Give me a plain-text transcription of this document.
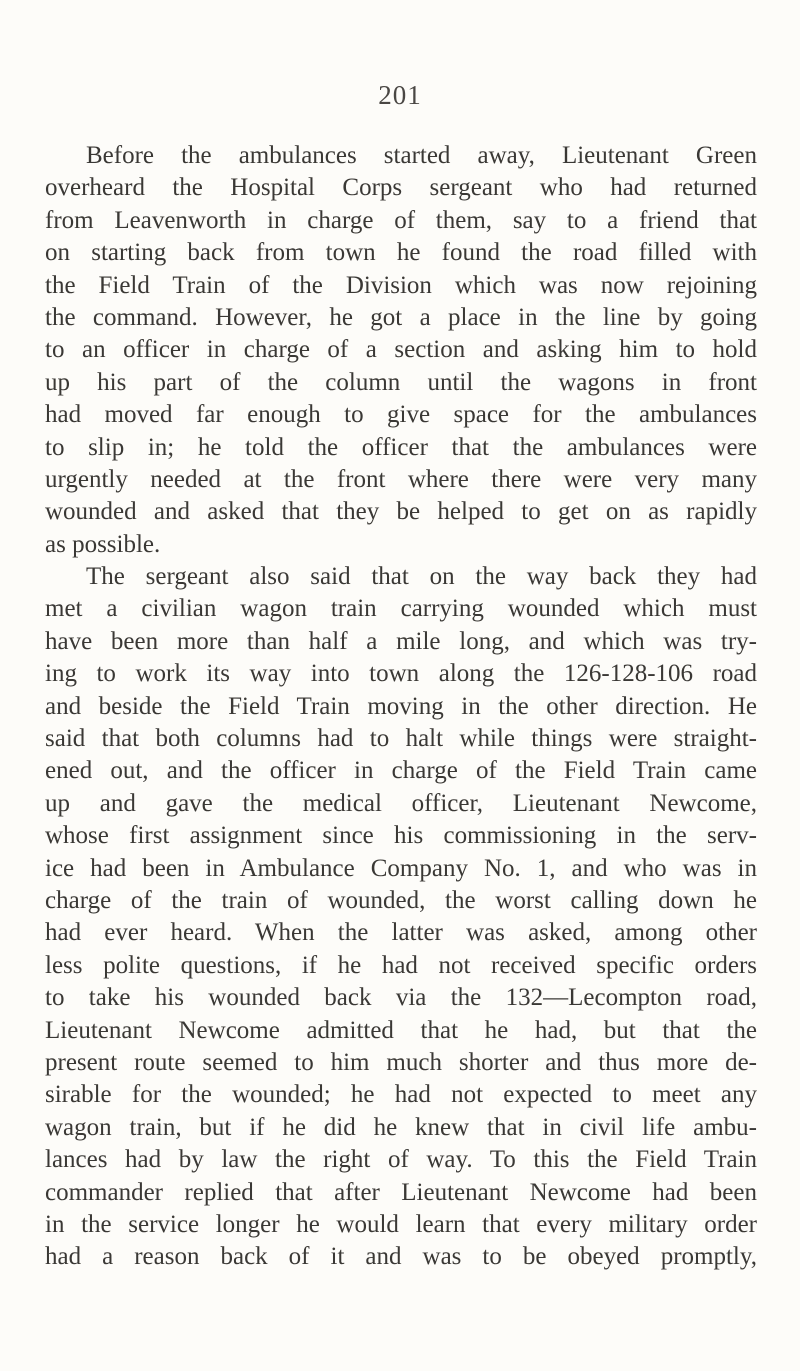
201
Before the ambulances started away, Lieutenant Green
overheard the Hospital Corps sergeant who had returned
from Leavenworth in charge of them, say to a friend that
on starting back from town he found the road filled with
the Field Train of the Division which was now rejoining
the command. However, he got a place in the line by going
to an officer in charge of a section and asking him to hold
up his part of the column until the wagons in front
had moved far enough to give space for the ambulances
to slip in; he told the officer that the ambulances were
urgently needed at the front where there were very many
wounded and asked that they be helped to get on as rapidly
as possible.
The sergeant also said that on the way back they had
met a civilian wagon train carrying wounded which must
have been more than half a mile long, and which was try-
ing to work its way into town along the 126-128-106 road
and beside the Field Train moving in the other direction. He
said that both columns had to halt while things were straight-
ened out, and the officer in charge of the Field Train came
up and gave the medical officer, Lieutenant Newcome,
whose first assignment since his commissioning in the serv-
ice had been in Ambulance Company No. 1, and who was in
charge of the train of wounded, the worst calling down he
had ever heard. When the latter was asked, among other
less polite questions, if he had not received specific orders
to take his wounded back via the 132—Lecompton road,
Lieutenant Newcome admitted that he had, but that the
present route seemed to him much shorter and thus more de-
sirable for the wounded; he had not expected to meet any
wagon train, but if he did he knew that in civil life ambu-
lances had by law the right of way. To this the Field Train
commander replied that after Lieutenant Newcome had been
in the service longer he would learn that every military order
had a reason back of it and was to be obeyed promptly,
